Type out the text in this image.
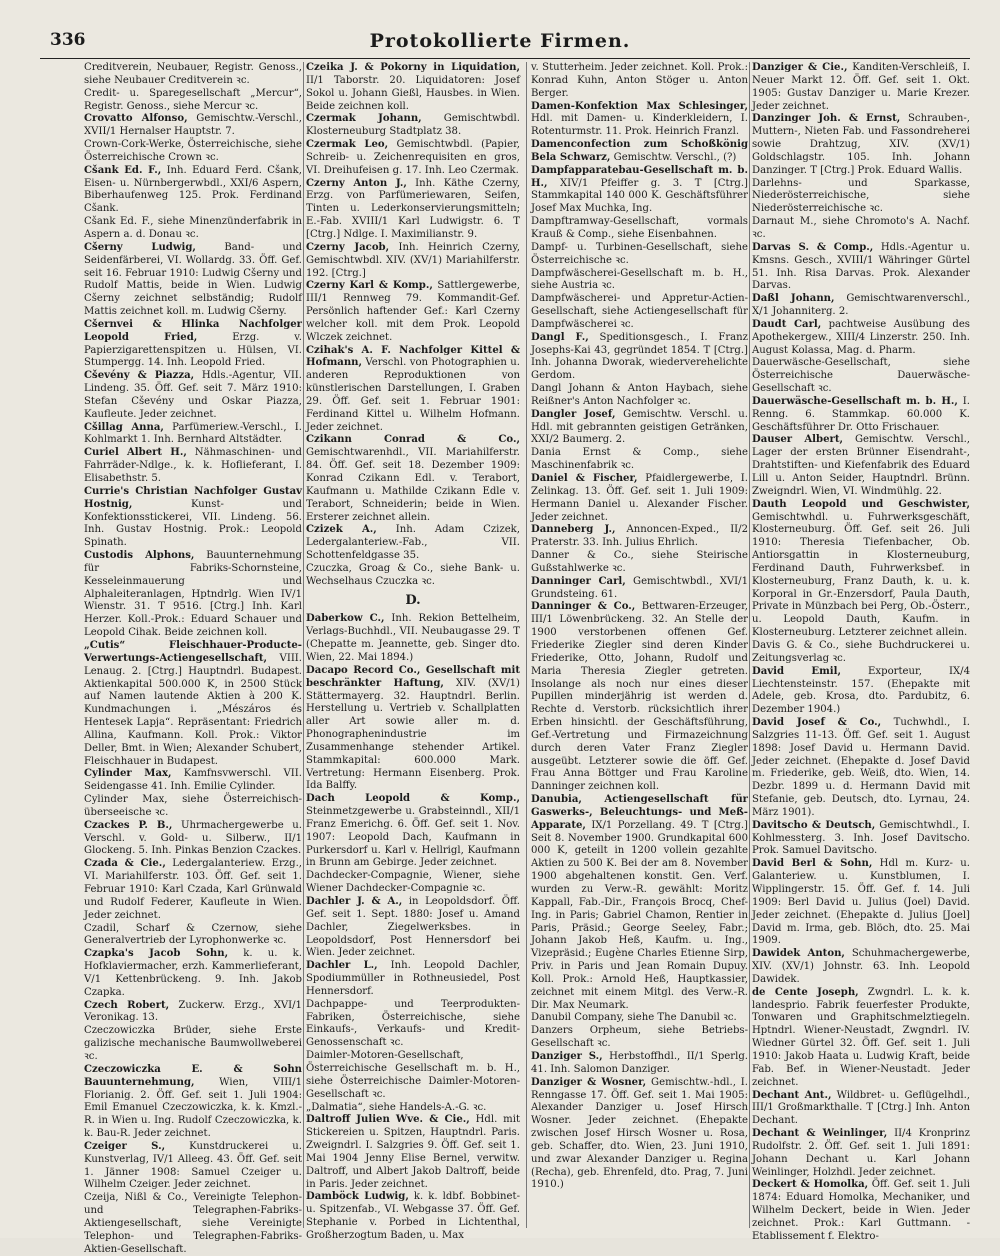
336	Protokollierte Firmen.
Creditverein, Neubauer, Registr. Genoss., siehe Neubauer Creditverein ꝛc.
Credit- u. Sparegesellschaft „Mercur“, Registr. Genoss., siehe Mercur ꝛc.
Crovatto Alfonso, Gemischtw.-Verschl., XVII/1 Hernalser Hauptstr. 7.
Crown-Cork-Werke, Österreichische, siehe Österreichische Crown ꝛc.
Cšank Ed. F., Inh. Eduard Ferd. Cšank, Eisen- u. Nürnbergerwbdl., XXI/6 Aspern, Biberhaufenweg 125. Prok. Ferdinand Cšank.
Cšank Ed. F., siehe Minenzünderfabrik in Aspern a. d. Donau ꝛc.
Cšerny Ludwig, Band- und Seidenfärberei, VI. Wollardg. 33. Öff. Gef. seit 16. Februar 1910: Ludwig Cšerny und Rudolf Mattis, beide in Wien. Ludwig Cšerny zeichnet selbständig; Rudolf Mattis zeichnet koll. m. Ludwig Cšerny.
Cšernvei & Hlinka Nachfolger Leopold Fried, Erzg. v. Papierzigarettenspitzen u. Hülsen, VI. Stumpergg. 14. Inh. Leopold Fried.
Cševény & Piazza, Hdls.-Agentur, VII. Lindeng. 35. Öff. Gef. seit 7. März 1910: Stefan Cševény und Oskar Piazza, Kaufleute. Jeder zeichnet.
Cšillag Anna, Parfümeriew.-Verschl., I. Kohlmarkt 1. Inh. Bernhard Altstädter.
Curiel Albert H., Nähmaschinen- und Fahrräder-Ndlge., k. k. Hoflieferant, I. Elisabethstr. 5.
Currie's Christian Nachfolger Gustav Hostnig, Kunst- und Konfektionsstickerei, VII. Lindeng. 56. Inh. Gustav Hostnig. Prok.: Leopold Spinath.
Custodis Alphons, Bauunternehmung für Fabriks-Schornsteine, Kesseleinmauerung und Alphaleiteranlagen, Hptndrlg. Wien IV/1 Wienstr. 31. T 9516. [Ctrg.] Inh. Karl Herzer. Koll.-Prok.: Eduard Schauer und Leopold Cihak. Beide zeichnen koll.
„Cutis“ Fleischhauer-Producte-Verwertungs-Actiengesellschaft, VIII. Lenaug. 2. [Ctrg.] Hauptndrl. Budapest. Aktienkapital 500.000 K, in 2500 Stück auf Namen lautende Aktien à 200 K. Kundmachungen i. „Mészáros és Hentesek Lapja“. Repräsentant: Friedrich Allina, Kaufmann. Koll. Prok.: Viktor Deller, Bmt. in Wien; Alexander Schubert, Fleischhauer in Budapest.
Cylinder Max, Kamfnsvwerschl. VII. Seidengasse 41. Inh. Emilie Cylinder.
Cylinder Max, siehe Österreichisch-überseeische ꝛc.
Czackes P. B., Uhrmachergewerbe u. Verschl. v. Gold- u. Silberw., II/1 Glockeng. 5. Inh. Pinkas Benzion Czackes.
Czada & Cie., Ledergalanteriew. Erzg., VI. Mariahilferstr. 103. Öff. Gef. seit 1. Februar 1910: Karl Czada, Karl Grünwald und Rudolf Federer, Kaufleute in Wien. Jeder zeichnet.
Czadil, Scharf & Czernow, siehe Generalvertrieb der Lyrophonwerke ꝛc.
Czapka's Jacob Sohn, k. u. k. Hofklaviermacher, erzh. Kammerlieferant, V/1 Kettenbrückeng. 9. Inh. Jakob Czapka.
Czech Robert, Zuckerw. Erzg., XVI/1 Veronikag. 13.
Czeczowiczka Brüder, siehe Erste galizische mechanische Baumwollweberei ꝛc.
Czeczowiczka E. & Sohn Bauunternehmung, Wien, VIII/1 Florianig. 2. Öff. Gef. seit 1. Juli 1904: Emil Emanuel Czeczowiczka, k. k. Kmzl.-R. in Wien u. Ing. Rudolf Czeczowiczka, k. k. Bau-R. Jeder zeichnet.
Czeiger S., Kunstdruckerei u. Kunstverlag, IV/1 Alleeg. 43. Öff. Gef. seit 1. Jänner 1908: Samuel Czeiger u. Wilhelm Czeiger. Jeder zeichnet.
Czeija, Nißl & Co., Vereinigte Telephon- und Telegraphen-Fabriks-Aktiengesellschaft, siehe Vereinigte Telephon- und Telegraphen-Fabriks-Aktien-Gesellschaft.
Czeika J. & Pokorny in Liquidation, II/1 Taborstr. 20. Liquidatoren: Josef Sokol u. Johann Gießl, Hausbes. in Wien. Beide zeichnen koll.
Czermak Johann, Gemischtwbdl. Klosterneuburg Stadtplatz 38.
Czermak Leo, Gemischtwbdl. (Papier, Schreib- u. Zeichenrequisiten en gros, VI. Dreihufeisen g. 17. Inh. Leo Czermak.
Czerny Anton J., Inh. Käthe Czerny, Erzg. von Parfümeriewaren, Seifen, Tinten u. Lederkonservierungsmitteln; E.-Fab. XVIII/1 Karl Ludwigstr. 6. T [Ctrg.] Ndlge. I. Maximilianstr. 9.
Czerny Jacob, Inh. Heinrich Czerny, Gemischtwbdl. XIV. (XV/1) Mariahilferstr. 192. [Ctrg.]
Czerny Karl & Komp., Sattlergewerbe, III/1 Rennweg 79. Kommandit-Gef. Persönlich haftender Gef.: Karl Czerny welcher koll. mit dem Prok. Leopold Wlczek zeichnet.
Czihak's A. F. Nachfolger Kittel & Hofmann, Verschl. von Photographien u. anderen Reproduktionen von künstlerischen Darstellungen, I. Graben 29. Öff. Gef. seit 1. Februar 1901: Ferdinand Kittel u. Wilhelm Hofmann. Jeder zeichnet.
Czikann Conrad & Co., Gemischtwarenhdl., VII. Mariahilferstr. 84. Öff. Gef. seit 18. Dezember 1909: Konrad Czikann Edl. v. Terabort, Kaufmann u. Mathilde Czikann Edle v. Terabort, Schneiderin; beide in Wien. Ersterer zeichnet allein.
Czizek A., Inh. Adam Czizek, Ledergalanteriew.-Fab., VII. Schottenfeldgasse 35.
Czuczka, Groag & Co., siehe Bank- u. Wechselhaus Czuczka ꝛc.
D.
Daberkow C., Inh. Rekion Bettelheim, Verlags-Buchhdl., VII. Neubaugasse 29. T (Chepatte m. Jeannette, geb. Singer dto. Wien, 22. Mai 1894.)
Dacapo Record Co., Gesellschaft mit beschränkter Haftung, XIV. (XV/1) Stättermayerg. 32. Hauptndrl. Berlin. Herstellung u. Vertrieb v. Schallplatten aller Art sowie aller m. d. Phonographenindustrie im Zusammenhange stehender Artikel. Stammkapital: 600.000 Mark. Vertretung: Hermann Eisenberg. Prok. Ida Balffy.
Dach Leopold & Komp., Steinmetzgewerbe u. Grabsteinndl., XII/1 Franz Emerichg. 6. Öff. Gef. seit 1. Nov. 1907: Leopold Dach, Kaufmann in Purkersdorf u. Karl v. Hellrigl, Kaufmann in Brunn am Gebirge. Jeder zeichnet.
Dachdecker-Compagnie, Wiener, siehe Wiener Dachdecker-Compagnie ꝛc.
Dachler J. & A., in Leopoldsdorf. Öff. Gef. seit 1. Sept. 1880: Josef u. Amand Dachler, Ziegelwerksbes. in Leopoldsdorf, Post Hennersdorf bei Wien. Jeder zeichnet.
Dachler L., Inh. Leopold Dachler, Spodiummüller in Rothneusiedel, Post Hennersdorf.
Dachpappe- und Teerprodukten-Fabriken, Österreichische, siehe Einkaufs-, Verkaufs- und Kredit-Genossenschaft ꝛc.
Daimler-Motoren-Gesellschaft, Österreichische Gesellschaft m. b. H., siehe Österreichische Daimler-Motoren-Gesellschaft ꝛc.
„Dalmatia“, siehe Handels-A.-G. ꝛc.
Daltroff Julien Wve. & Cie., Hdl. mit Stickereien u. Spitzen, Hauptndrl. Paris. Zweigndrl. I. Salzgries 9. Öff. Gef. seit 1. Mai 1904 Jenny Elise Bernel, verwitw. Daltroff, und Albert Jakob Daltroff, beide in Paris. Jeder zeichnet.
Damböck Ludwig, k. k. ldbf. Bobbinet- u. Spitzenfab., VI. Webgasse 37. Öff. Gef. Stephanie v. Porbed in Lichtenthal, Großherzogtum Baden, u. Max
v. Stutterheim. Jeder zeichnet. Koll. Prok.: Konrad Kuhn, Anton Stöger u. Anton Berger.
Damen-Konfektion Max Schlesinger, Hdl. mit Damen- u. Kinderkleidern, I. Rotenturmstr. 11. Prok. Heinrich Franzl.
Damenconfection zum Schoßkönig Bela Schwarz, Gemischtw. Verschl., (?)
Dampfapparatebau-Gesellschaft m. b. H., XIV/1 Pfeiffer g. 3. T [Ctrg.] Stammkapital 140 000 K. Geschäftsführer Josef Max Muchka, Ing.
Dampftramway-Gesellschaft, vormals Krauß & Comp., siehe Eisenbahnen.
Dampf- u. Turbinen-Gesellschaft, siehe Österreichische ꝛc.
Dampfwäscherei-Gesellschaft m. b. H., siehe Austria ꝛc.
Dampfwäscherei- und Appretur-Actien-Gesellschaft, siehe Actiengesellschaft für Dampfwäscherei ꝛc.
Dangl F., Speditionsgesch., I. Franz Josephs-Kai 43, gegründet 1854. T [Ctrg.] Inh. Johanna Dworak, wiederverehelichte Gerdom.
Dangl Johann & Anton Haybach, siehe Reißner's Anton Nachfolger ꝛc.
Dangler Josef, Gemischtw. Verschl. u. Hdl. mit gebrannten geistigen Getränken, XXI/2 Baumerg. 2.
Dania Ernst & Comp., siehe Maschinenfabrik ꝛc.
Daniel & Fischer, Pfaidlergewerbe, I. Zelinkag. 13. Öff. Gef. seit 1. Juli 1909: Hermann Daniel u. Alexander Fischer. Jeder zeichnet.
Danneberg J., Annoncen-Exped., II/2 Praterstr. 33. Inh. Julius Ehrlich.
Danner & Co., siehe Steirische Gußstahlwerke ꝛc.
Danninger Carl, Gemischtwbdl., XVI/1 Grundsteing. 61.
Danninger & Co., Bettwaren-Erzeuger, III/1 Löwenbrückeng. 32. An Stelle der 1900 verstorbenen offenen Gef. Friederike Ziegler sind deren Kinder Friederike, Otto, Johann, Rudolf und Maria Theresia Ziegler getreten. Insolange als noch nur eines dieser Pupillen minderjährig ist werden d. Rechte d. Verstorb. rücksichtlich ihrer Erben hinsichtl. der Geschäftsführung, Gef.-Vertretung und Firmazeichnung durch deren Vater Franz Ziegler ausgeübt. Letzterer sowie die öff. Gef. Frau Anna Böttger und Frau Karoline Danninger zeichnen koll.
Danubia, Actiengesellschaft für Gaswerks-, Beleuchtungs- und Meß-Apparate, IX/1 Porzellang. 49. T [Ctrg.] Seit 8. November 1900. Grundkapital 600 000 K, geteilt in 1200 vollein gezahlte Aktien zu 500 K. Bei der am 8. November 1900 abgehaltenen konstit. Gen. Verf. wurden zu Verw.-R. gewählt: Moritz Kappall, Fab.-Dir., François Brocq, Chef-Ing. in Paris; Gabriel Chamon, Rentier in Paris, Präsid.; George Seeley, Fabr.; Johann Jakob Heß, Kaufm. u. Ing., Vizepräsid.; Eugène Charles Etienne Sirp, Priv. in Paris und Jean Romain Dupuy. Koll. Prok.: Arnold Heß, Hauptkassier, zeichnet mit einem Mitgl. des Verw.-R. Dir. Max Neumark.
Danubil Company, siehe The Danubil ꝛc.
Danzers Orpheum, siehe Betriebs-Gesellschaft ꝛc.
Danziger S., Herbstoffhdl., II/1 Sperlg. 41. Inh. Salomon Danziger.
Danziger & Wosner, Gemischtw.-hdl., I. Renngasse 17. Öff. Gef. seit 1. Mai 1905: Alexander Danziger u. Josef Hirsch Wosner. Jeder zeichnet. (Ehepakte zwischen Josef Hirsch Wosner u. Rosa, geb. Schaffer, dto. Wien, 23. Juni 1910, und zwar Alexander Danziger u. Regina (Recha), geb. Ehrenfeld, dto. Prag, 7. Juni 1910.)
Danziger & Cie., Kanditen-Verschleiß, I. Neuer Markt 12. Öff. Gef. seit 1. Okt. 1905: Gustav Danziger u. Marie Krezer. Jeder zeichnet.
Danzinger Joh. & Ernst, Schrauben-, Muttern-, Nieten Fab. und Fassondreherei sowie Drahtzug, XIV. (XV/1) Goldschlagstr. 105. Inh. Johann Danzinger. T [Ctrg.] Prok. Eduard Wallis.
Darlehns- und Sparkasse, Niederösterreichische, siehe Niederösterreichische ꝛc.
Darnaut M., siehe Chromoto's A. Nachf. ꝛc.
Darvas S. & Comp., Hdls.-Agentur u. Kmsns. Gesch., XVIII/1 Währinger Gürtel 51. Inh. Risa Darvas. Prok. Alexander Darvas.
Daßl Johann, Gemischtwarenverschl., X/1 Johanniterg. 2.
Daudt Carl, pachtweise Ausübung des Apothekergew., XIII/4 Linzerstr. 250. Inh. August Kolassa, Mag. d. Pharm.
Dauerwäsche-Gesellschaft, siehe Österreichische Dauerwäsche-Gesellschaft ꝛc.
Dauerwäsche-Gesellschaft m. b. H., I. Renng. 6. Stammkap. 60.000 K. Geschäftsführer Dr. Otto Frischauer.
Dauser Albert, Gemischtw. Verschl., Lager der ersten Brünner Eisendraht-, Drahtstiften- und Kiefenfabrik des Eduard Lill u. Anton Seider, Hauptndrl. Brünn. Zweigndrl. Wien, VI. Windmühlg. 22.
Dauth Leopold und Geschwister, Gemischtwhdl. u. Fuhrwerksgeschäft, Klosterneuburg. Öff. Gef. seit 26. Juli 1910: Theresia Tiefenbacher, Ob. Antiorsgattin in Klosterneuburg, Ferdinand Dauth, Fuhrwerksbef. in Klosterneuburg, Franz Dauth, k. u. k. Korporal in Gr.-Enzersdorf, Paula Dauth, Private in Münzbach bei Perg, Ob.-Österr., u. Leopold Dauth, Kaufm. in Klosterneuburg. Letzterer zeichnet allein.
Davis G. & Co., siehe Buchdruckerei u. Zeitungsverlag ꝛc.
David Emil, Exporteur, IX/4 Liechtensteinstr. 157. (Ehepakte mit Adele, geb. Krosa, dto. Pardubitz, 6. Dezember 1904.)
David Josef & Co., Tuchwhdl., I. Salzgries 11-13. Öff. Gef. seit 1. August 1898: Josef David u. Hermann David. Jeder zeichnet. (Ehepakte d. Josef David m. Friederike, geb. Weiß, dto. Wien, 14. Dezbr. 1899 u. d. Hermann David mit Stefanie, geb. Deutsch, dto. Lyrnau, 24. März 1901).
Davitscho & Deutsch, Gemischtwhdl., I. Kohlmessterg. 3. Inh. Josef Davitscho. Prok. Samuel Davitscho.
David Berl & Sohn, Hdl m. Kurz- u. Galanteriew. u. Kunstblumen, I. Wipplingerstr. 15. Öff. Gef. f. 14. Juli 1909: Berl David u. Julius (Joel) David. Jeder zeichnet. (Ehepakte d. Julius [Joel] David m. Irma, geb. Blöch, dto. 25. Mai 1909.
Dawidek Anton, Schuhmachergewerbe, XIV. (XV/1) Johnstr. 63. Inh. Leopold Dawidek.
de Cente Joseph, Zwgndrl. L. k. k. landesprio. Fabrik feuerfester Produkte, Tonwaren und Graphitschmelztiegeln. Hptndrl. Wiener-Neustadt, Zwgndrl. IV. Wiedner Gürtel 32. Öff. Gef. seit 1. Juli 1910: Jakob Haata u. Ludwig Kraft, beide Fab. Bef. in Wiener-Neustadt. Jeder zeichnet.
Dechant Ant., Wildbret- u. Geflügelhdl., III/1 Großmarkthalle. T [Ctrg.] Inh. Anton Dechant.
Dechant & Weinlinger, II/4 Kronprinz Rudolfstr. 2. Öff. Gef. seit 1. Juli 1891: Johann Dechant u. Karl Johann Weinlinger, Holzhdl. Jeder zeichnet.
Deckert & Homolka, Öff. Gef. seit 1. Juli 1874: Eduard Homolka, Mechaniker, und Wilhelm Deckert, beide in Wien. Jeder zeichnet. Prok.: Karl Guttmann. -Etablissement f. Elektro-
